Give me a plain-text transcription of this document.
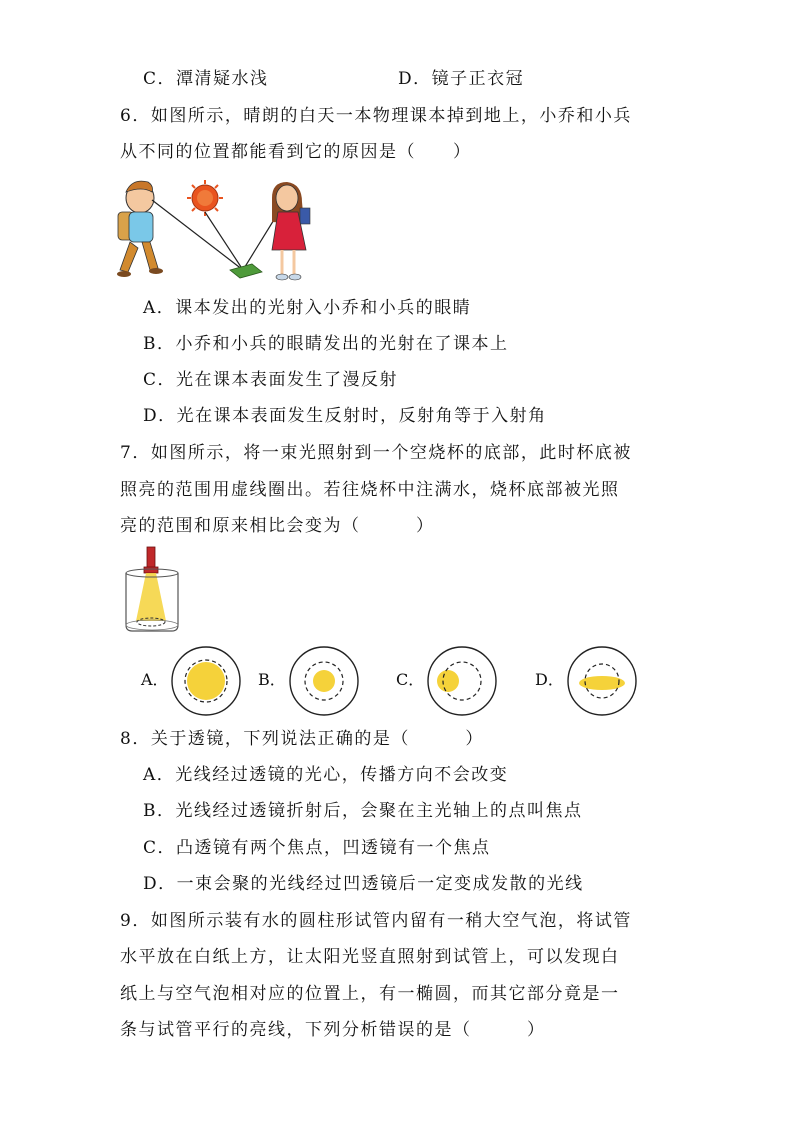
C．潭清疑水浅	D．镜子正衣冠
6．如图所示，晴朗的白天一本物理课本掉到地上，小乔和小兵
从不同的位置都能看到它的原因是（　　）
A．课本发出的光射入小乔和小兵的眼睛
B．小乔和小兵的眼睛发出的光射在了课本上
C．光在课本表面发生了漫反射
D．光在课本表面发生反射时，反射角等于入射角
7．如图所示，将一束光照射到一个空烧杯的底部，此时杯底被
照亮的范围用虚线圈出。若往烧杯中注满水，烧杯底部被光照
亮的范围和原来相比会变为（　　　）
A．	B．	C．	D．
8．关于透镜，下列说法正确的是（　　　）
A．光线经过透镜的光心，传播方向不会改变
B．光线经过透镜折射后，会聚在主光轴上的点叫焦点
C．凸透镜有两个焦点，凹透镜有一个焦点
D．一束会聚的光线经过凹透镜后一定变成发散的光线
9．如图所示装有水的圆柱形试管内留有一稍大空气泡，将试管
水平放在白纸上方，让太阳光竖直照射到试管上，可以发现白
纸上与空气泡相对应的位置上，有一椭圆，而其它部分竟是一
条与试管平行的亮线，下列分析错误的是（　　　）
